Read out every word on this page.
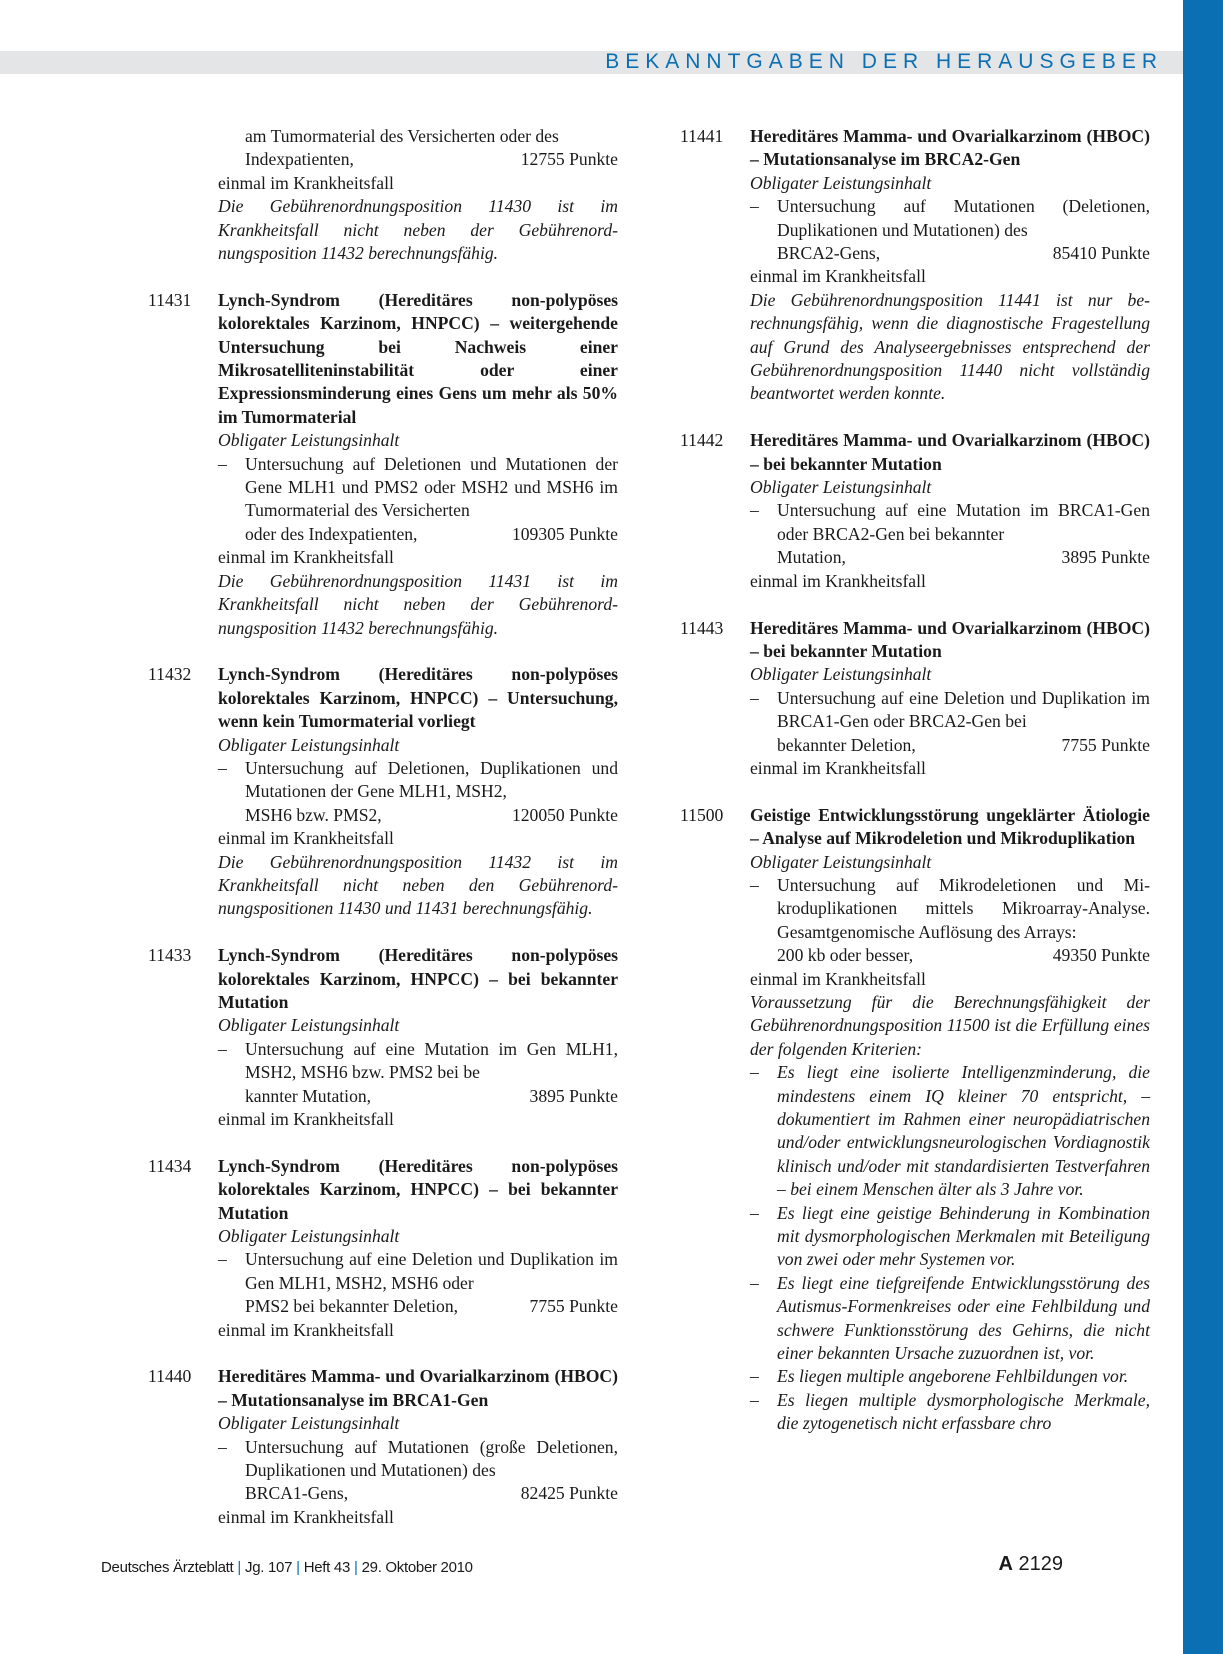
BEKANNTGABEN DER HERAUSGEBER
am Tumormaterial des Versicherten oder des
Indexpatienten,	12755 Punkte
einmal im Krankheitsfall
Die Gebührenordnungsposition 11430 ist im Krankheitsfall nicht neben der Gebührenordnungsposition 11432 berechnungsfähig.
11431 Lynch-Syndrom (Hereditäres non-polypöses kolorektales Karzinom, HNPCC) – weitergehende Untersuchung bei Nachweis einer Mikrosatelliteninstabilität oder einer Expressionsminderung eines Gens um mehr als 50% im Tumormaterial
Obligater Leistungsinhalt
– Untersuchung auf Deletionen und Mutationen der Gene MLH1 und PMS2 oder MSH2 und MSH6 im Tumormaterial des Versicherten
oder des Indexpatienten,	109305 Punkte
einmal im Krankheitsfall
Die Gebührenordnungsposition 11431 ist im Krankheitsfall nicht neben der Gebührenordnungsposition 11432 berechnungsfähig.
11432 Lynch-Syndrom (Hereditäres non-polypöses kolorektales Karzinom, HNPCC) – Untersuchung, wenn kein Tumormaterial vorliegt
Obligater Leistungsinhalt
– Untersuchung auf Deletionen, Duplikationen und Mutationen der Gene MLH1, MSH2,
MSH6 bzw. PMS2,	120050 Punkte
einmal im Krankheitsfall
Die Gebührenordnungsposition 11432 ist im Krankheitsfall nicht neben den Gebührenordnungspositionen 11430 und 11431 berechnungsfähig.
11433 Lynch-Syndrom (Hereditäres non-polypöses kolorektales Karzinom, HNPCC) – bei bekannter Mutation
Obligater Leistungsinhalt
– Untersuchung auf eine Mutation im Gen MLH1, MSH2, MSH6 bzw. PMS2 bei be
kannter Mutation,	3895 Punkte
einmal im Krankheitsfall
11434 Lynch-Syndrom (Hereditäres non-polypöses kolorektales Karzinom, HNPCC) – bei bekannter Mutation
Obligater Leistungsinhalt
– Untersuchung auf eine Deletion und Duplikation im Gen MLH1, MSH2, MSH6 oder
PMS2 bei bekannter Deletion,	7755 Punkte
einmal im Krankheitsfall
11440 Hereditäres Mamma- und Ovarialkarzinom (HBOC) – Mutationsanalyse im BRCA1-Gen
Obligater Leistungsinhalt
– Untersuchung auf Mutationen (große Deletionen, Duplikationen und Mutationen) des
BRCA1-Gens,	82425 Punkte
einmal im Krankheitsfall
11441 Hereditäres Mamma- und Ovarialkarzinom (HBOC) – Mutationsanalyse im BRCA2-Gen
Obligater Leistungsinhalt
– Untersuchung auf Mutationen (Deletionen, Duplikationen und Mutationen) des
BRCA2-Gens,	85410 Punkte
einmal im Krankheitsfall
Die Gebührenordnungsposition 11441 ist nur berechnungsfähig, wenn die diagnostische Fragestellung auf Grund des Analyseergebnisses entsprechend der Gebührenordnungsposition 11440 nicht vollständig beantwortet werden konnte.
11442 Hereditäres Mamma- und Ovarialkarzinom (HBOC) – bei bekannter Mutation
Obligater Leistungsinhalt
– Untersuchung auf eine Mutation im BRCA1-Gen oder BRCA2-Gen bei bekannter
Mutation,	3895 Punkte
einmal im Krankheitsfall
11443 Hereditäres Mamma- und Ovarialkarzinom (HBOC) – bei bekannter Mutation
Obligater Leistungsinhalt
– Untersuchung auf eine Deletion und Duplikation im BRCA1-Gen oder BRCA2-Gen bei
bekannter Deletion,	7755 Punkte
einmal im Krankheitsfall
11500 Geistige Entwicklungsstörung ungeklärter Ätiologie – Analyse auf Mikrodeletion und Mikroduplikation
Obligater Leistungsinhalt
– Untersuchung auf Mikrodeletionen und Mikroduplikationen mittels Mikroarray-Analyse. Gesamtgenomische Auflösung des Arrays:
200 kb oder besser,	49350 Punkte
einmal im Krankheitsfall
Voraussetzung für die Berechnungsfähigkeit der Gebührenordnungsposition 11500 ist die Erfüllung eines der folgenden Kriterien:
– Es liegt eine isolierte Intelligenzminderung, die mindestens einem IQ kleiner 70 entspricht, – dokumentiert im Rahmen einer neuropädiatrischen und/oder entwicklungsneurologischen Vordiagnostik klinisch und/oder mit standardisierten Testverfahren – bei einem Menschen älter als 3 Jahre vor.
– Es liegt eine geistige Behinderung in Kombination mit dysmorphologischen Merkmalen mit Beteiligung von zwei oder mehr Systemen vor.
– Es liegt eine tiefgreifende Entwicklungsstörung des Autismus-Formenkreises oder eine Fehlbildung und schwere Funktionsstörung des Gehirns, die nicht einer bekannten Ursache zuzuordnen ist, vor.
– Es liegen multiple angeborene Fehlbildungen vor.
– Es liegen multiple dysmorphologische Merkmale, die zytogenetisch nicht erfassbare chro
Deutsches Ärzteblatt | Jg. 107 | Heft 43 | 29. Oktober 2010	A 2129
